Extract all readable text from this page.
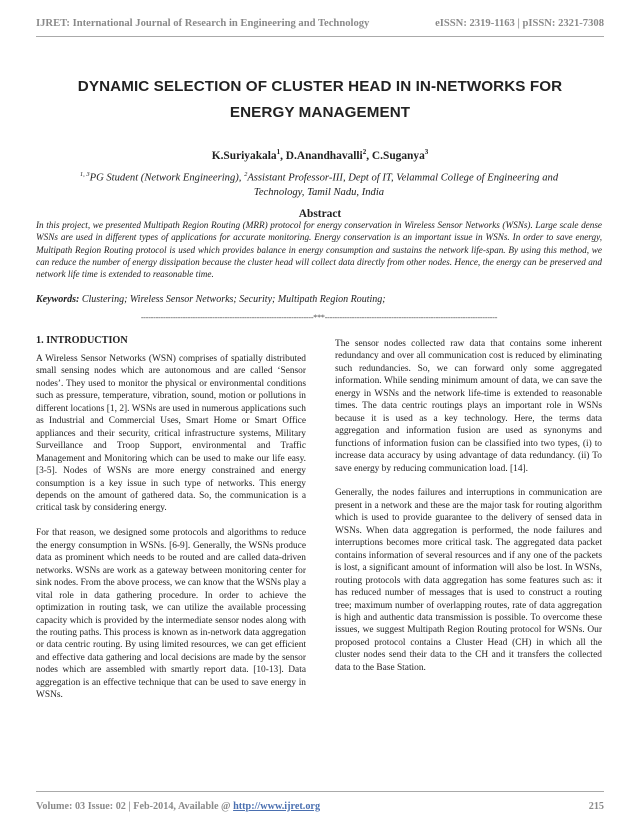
IJRET: International Journal of Research in Engineering and Technology	eISSN: 2319-1163 | pISSN: 2321-7308
DYNAMIC SELECTION OF CLUSTER HEAD IN IN-NETWORKS FOR
ENERGY MANAGEMENT
K.Suriyakala$^1$, D.Anandhavalli$^2$, C.Suganya$^3$
$^{1, 3}$PG Student (Network Engineering), $^2$Assistant Professor-III, Dept of IT, Velammal College of Engineering and Technology, Tamil Nadu, India
Abstract
In this project, we presented Multipath Region Routing (MRR) protocol for energy conservation in Wireless Sensor Networks (WSNs). Large scale dense WSNs are used in different types of applications for accurate monitoring. Energy conservation is an important issue in WSNs. In order to save energy, Multipath Region Routing protocol is used which provides balance in energy consumption and sustains the network life-span. By using this method, we can reduce the number of energy dissipation because the cluster head will collect data directly from other nodes. Hence, the energy can be preserved and network life time is extended to reasonable time.
Keywords: Clustering; Wireless Sensor Networks; Security; Multipath Region Routing;
----------------------------------------------------------------------***----------------------------------------------------------------------
1. INTRODUCTION

A Wireless Sensor Networks (WSN) comprises of spatially distributed small sensing nodes which are autonomous and are called ‘Sensor nodes’. They used to monitor the physical or environmental conditions such as pressure, temperature, vibration, sound, motion or pollutions in different locations [1, 2]. WSNs are used in numerous applications such as Industrial and Commercial Uses, Smart Home or Smart Office appliances and their security, critical infrastructure systems, Military Surveillance and Troop Support, environmental and Traffic Management and Monitoring which can be used to make our life easy. [3-5]. Nodes of WSNs are more energy constrained and energy consumption is a key issue in such type of networks. This energy depends on the amount of gathered data. So, the communication is a critical task by considering energy.

For that reason, we designed some protocols and algorithms to reduce the energy consumption in WSNs. [6-9]. Generally, the WSNs produce data as prominent which needs to be routed and are called data-driven networks. WSNs are work as a gateway between monitoring center for sink nodes. From the above process, we can know that the WSNs play a vital role in data gathering procedure. In order to achieve the optimization in routing task, we can utilize the available processing capacity which is provided by the intermediate sensor nodes along with the routing paths. This process is known as in-network data aggregation or data centric routing. By using limited resources, we can get efficient and effective data gathering and local decisions are made by the sensor nodes which are assembled with smartly report data. [10-13]. Data aggregation is an effective technique that can be used to save energy in WSNs.

The sensor nodes collected raw data that contains some inherent redundancy and over all communication cost is reduced by eliminating such redundancies. So, we can forward only some aggregated information. While sending minimum amount of data, we can save the energy in WSNs and the network life-time is extended to reasonable times. The data centric routings plays an important role in WSNs because it is used as a key technology. Here, the terms data aggregation and information fusion are used as synonyms and functions of information fusion can be classified into two types, (i) to increase data accuracy by using advantage of data redundancy. (ii) To save energy by reducing communication load. [14].

Generally, the nodes failures and interruptions in communication are present in a network and these are the major task for routing algorithm which is used to provide guarantee to the delivery of sensed data in WSNs. When data aggregation is performed, the node failures and interruptions becomes more critical task. The aggregated data packet contains information of several resources and if any one of the packets is lost, a significant amount of information will also be lost. In WSNs, routing protocols with data aggregation has some features such as: it has reduced number of messages that is used to construct a routing tree; maximum number of overlapping routes, rate of data aggregation is high and authentic data transmission is possible. To overcome these issues, we suggest Multipath Region Routing protocol for WSNs. Our proposed protocol contains a Cluster Head (CH) in which all the cluster nodes send their data to the CH and it transfers the collected data to the Base Station.

Volume: 03 Issue: 02 | Feb-2014, Available @ http://www.ijret.org	215
